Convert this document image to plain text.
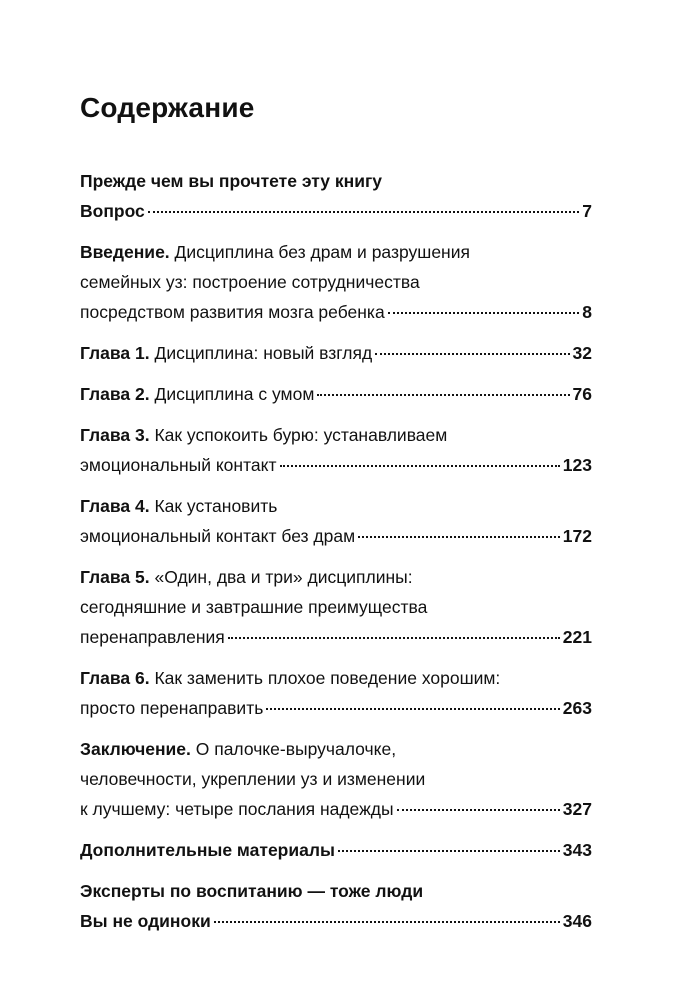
Содержание
Прежде чем вы прочтете эту книгу
Вопрос	7
Введение. Дисциплина без драм и разрушения
семейных уз: построение сотрудничества
посредством развития мозга ребенка	8
Глава 1. Дисциплина: новый взгляд	32
Глава 2. Дисциплина с умом	76
Глава 3. Как успокоить бурю: устанавливаем
эмоциональный контакт	123
Глава 4. Как установить
эмоциональный контакт без драм	172
Глава 5. «Один, два и три» дисциплины:
сегодняшние и завтрашние преимущества
перенаправления	221
Глава 6. Как заменить плохое поведение хорошим:
просто перенаправить	263
Заключение. О палочке-выручалочке,
человечности, укреплении уз и изменении
к лучшему: четыре послания надежды	327
Дополнительные материалы	343
Эксперты по воспитанию — тоже люди
Вы не одиноки	346
